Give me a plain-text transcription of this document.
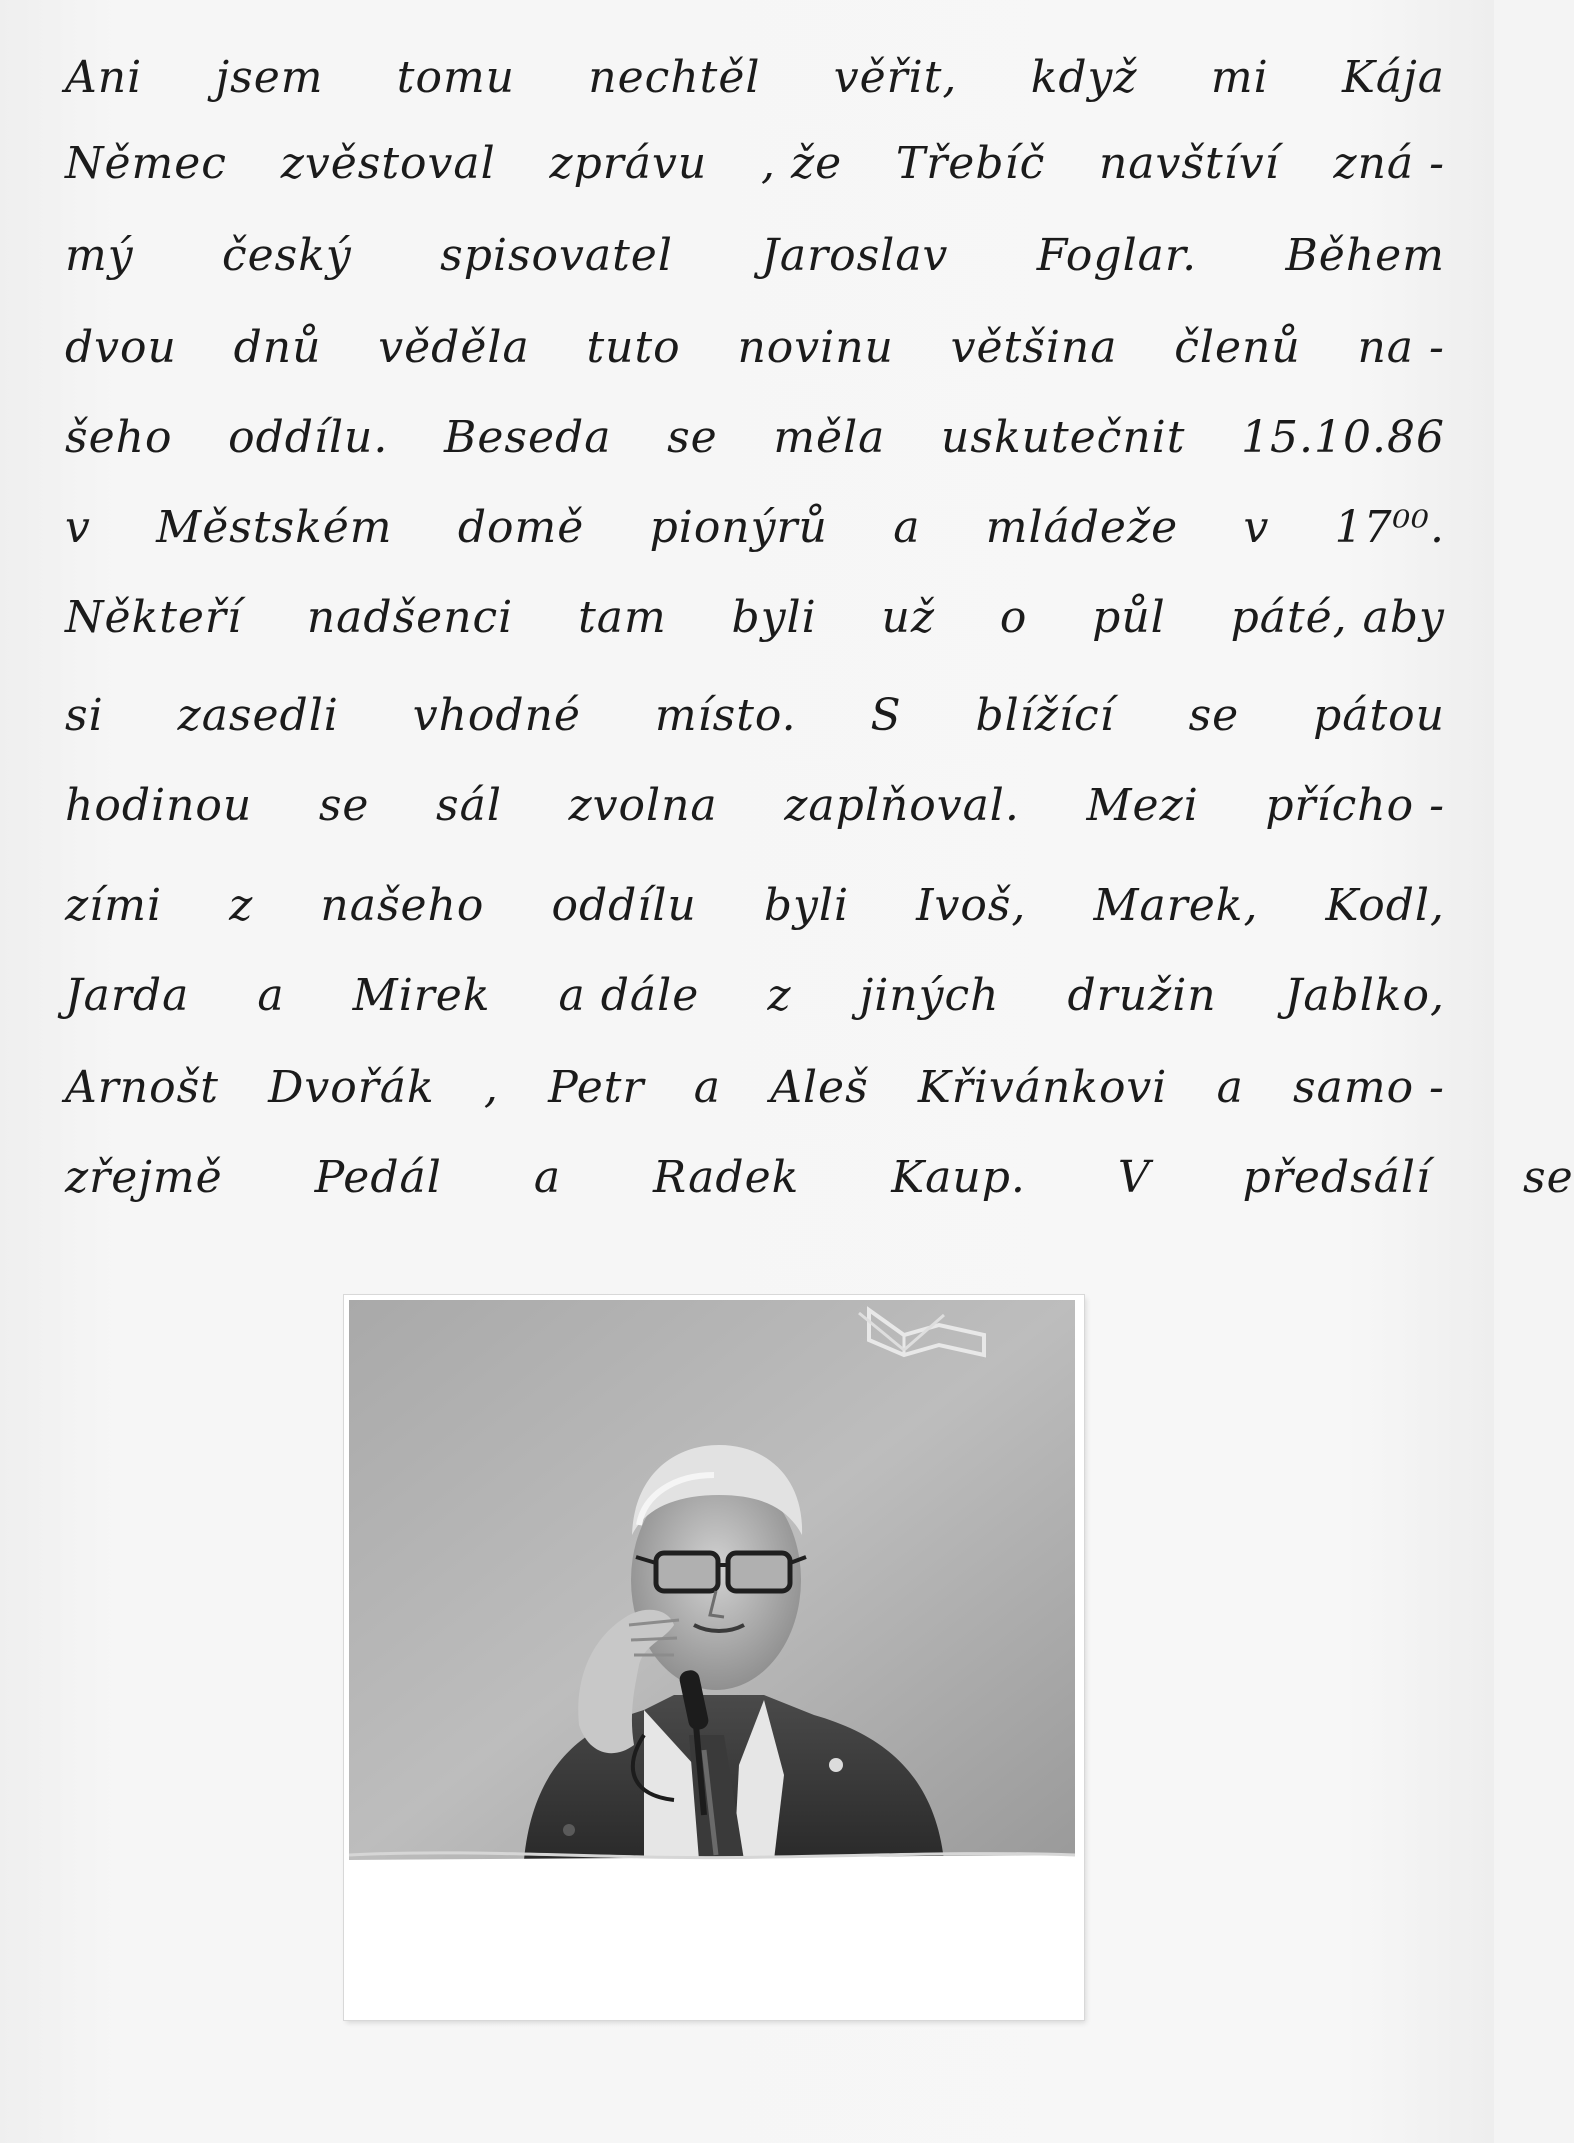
Ani jsem tomu nechtěl věřit, když mi Kája
Němec zvěstoval zprávu , že Třebíč navštíví zná -
mý český spisovatel Jaroslav Foglar. Během
dvou dnů věděla tuto novinu většina členů na -
šeho oddílu. Beseda se měla uskutečnit 15.10.86
v Městském domě pionýrů a mládeže v 17⁰⁰.
Někteří nadšenci tam byli už o půl páté, aby
si zasedli vhodné místo. S blížící se pátou
hodinou se sál zvolna zaplňoval. Mezi přícho -
zími z našeho oddílu byli Ivoš, Marek, Kodl,
Jarda a Mirek a dále z jiných družin Jablko,
Arnošt Dvořák , Petr a Aleš Křivánkovi a samo -
zřejmě Pedál a Radek Kaup. V předsálí se
